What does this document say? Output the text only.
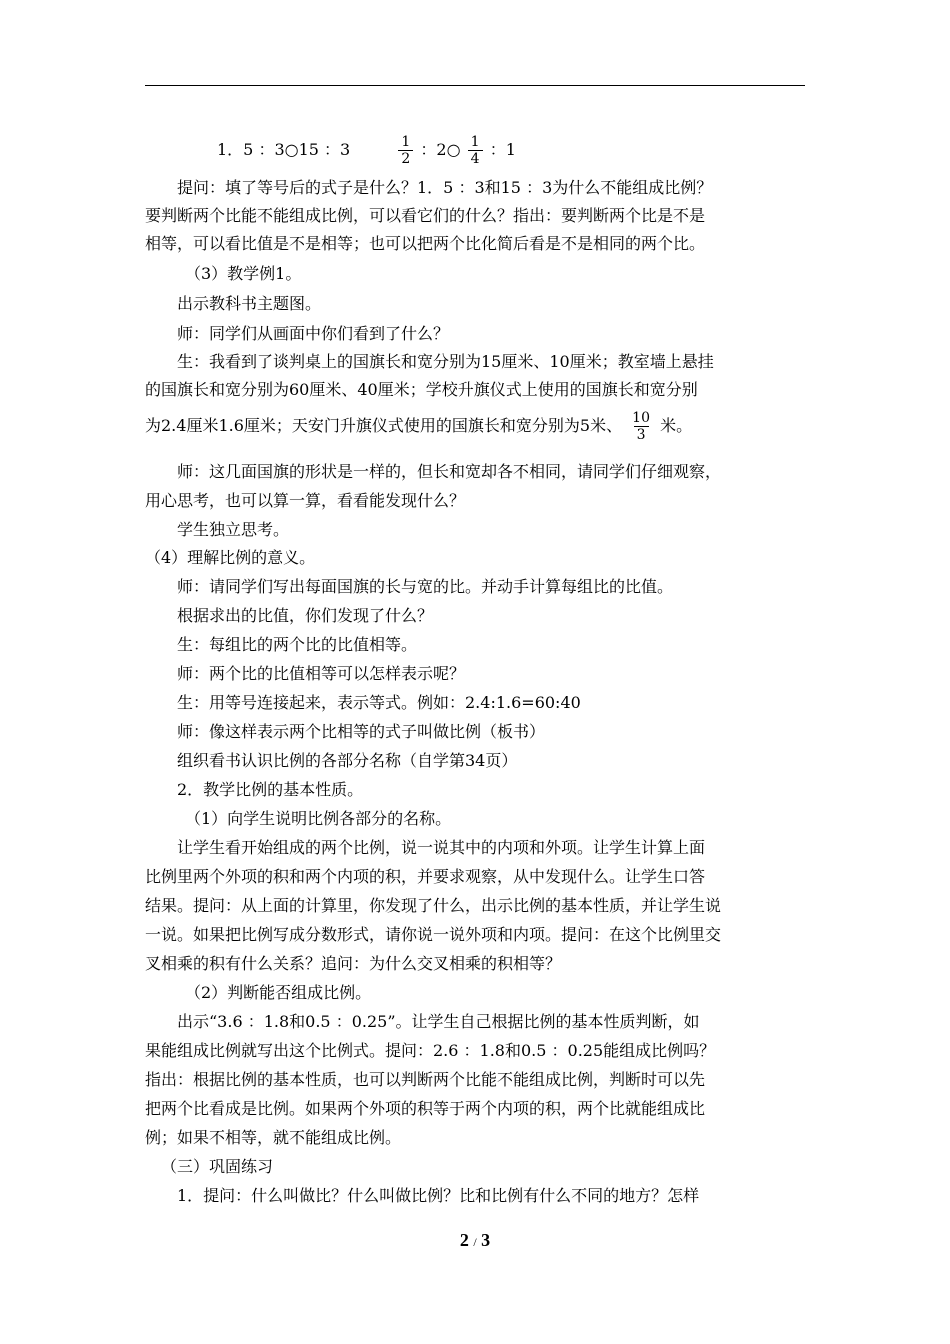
1．5 ：3○15 ：3	$\frac{1}{2}$ ：2○ $\frac{1}{4}$ ：1
提问：填了等号后的式子是什么？1．5 ：3和15 ：3为什么不能组成比例？
要判断两个比能不能组成比例，可以看它们的什么？指出：要判断两个比是不是
相等，可以看比值是不是相等；也可以把两个比化简后看是不是相同的两个比。
（3）教学例1。
出示教科书主题图。
师：同学们从画面中你们看到了什么？
生：我看到了谈判桌上的国旗长和宽分别为15厘米、10厘米；教室墙上悬挂
的国旗长和宽分别为60厘米、40厘米；学校升旗仪式上使用的国旗长和宽分别
为2.4厘米1.6厘米；天安门升旗仪式使用的国旗长和宽分别为5米、 $\frac{10}{3}$ 米。
师：这几面国旗的形状是一样的，但长和宽却各不相同，请同学们仔细观察，
用心思考，也可以算一算，看看能发现什么？
学生独立思考。
（4）理解比例的意义。
师：请同学们写出每面国旗的长与宽的比。并动手计算每组比的比值。
根据求出的比值，你们发现了什么？
生：每组比的两个比的比值相等。
师：两个比的比值相等可以怎样表示呢？
生：用等号连接起来，表示等式。例如：2.4:1.6=60:40
师：像这样表示两个比相等的式子叫做比例（板书）
组织看书认识比例的各部分名称（自学第34页）
2．教学比例的基本性质。
（1）向学生说明比例各部分的名称。
让学生看开始组成的两个比例，说一说其中的内项和外项。让学生计算上面
比例里两个外项的积和两个内项的积，并要求观察，从中发现什么。让学生口答
结果。提问：从上面的计算里，你发现了什么，出示比例的基本性质，并让学生说
一说。如果把比例写成分数形式，请你说一说外项和内项。提问：在这个比例里交
叉相乘的积有什么关系？追问：为什么交叉相乘的积相等？
（2）判断能否组成比例。
出示“3.6 ：1.8和0.5 ：0.25”。让学生自己根据比例的基本性质判断，如
果能组成比例就写出这个比例式。提问：2.6 ：1.8和0.5 ：0.25能组成比例吗？
指出：根据比例的基本性质，也可以判断两个比能不能组成比例，判断时可以先
把两个比看成是比例。如果两个外项的积等于两个内项的积，两个比就能组成比
例；如果不相等，就不能组成比例。
（三）巩固练习
1．提问：什么叫做比？什么叫做比例？比和比例有什么不同的地方？怎样
2 / 3
